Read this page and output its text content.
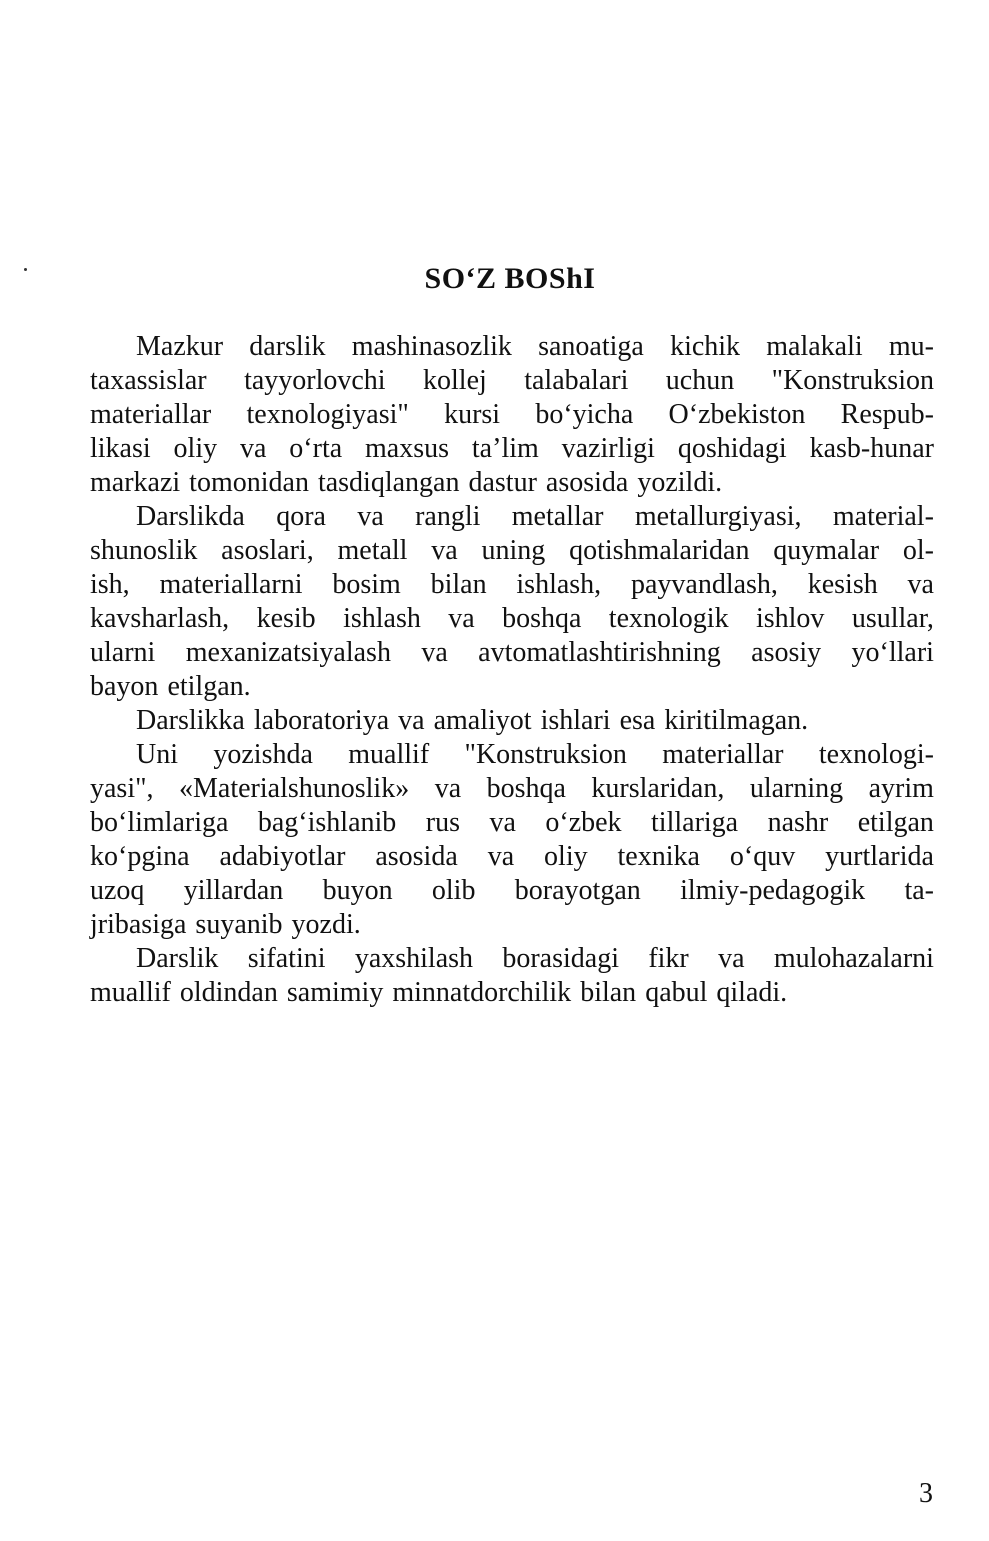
SO‘Z BOShI
Mazkur darslik mashinasozlik sanoatiga kichik malakali mu-
taxassislar tayyorlovchi kollej talabalari uchun "Konstruksion
materiallar texnologiyasi" kursi bo‘yicha O‘zbekiston Respub-
likasi oliy va o‘rta maxsus ta’lim vazirligi qoshidagi kasb-hunar
markazi tomonidan tasdiqlangan dastur asosida yozildi.
Darslikda qora va rangli metallar metallurgiyasi, material-
shunoslik asoslari, metall va uning qotishmalaridan quymalar ol-
ish, materiallarni bosim bilan ishlash, payvandlash, kesish va
kavsharlash, kesib ishlash va boshqa texnologik ishlov usullar,
ularni mexanizatsiyalash va avtomatlashtirishning asosiy yo‘llari
bayon etilgan.
Darslikka laboratoriya va amaliyot ishlari esa kiritilmagan.
Uni yozishda muallif "Konstruksion materiallar texnologi-
yasi", «Materialshunoslik» va boshqa kurslaridan, ularning ayrim
bo‘limlariga bag‘ishlanib rus va o‘zbek tillariga nashr etilgan
ko‘pgina adabiyotlar asosida va oliy texnika o‘quv yurtlarida
uzoq yillardan buyon olib borayotgan ilmiy-pedagogik ta-
jribasiga suyanib yozdi.
Darslik sifatini yaxshilash borasidagi fikr va mulohazalarni
muallif oldindan samimiy minnatdorchilik bilan qabul qiladi.
3
